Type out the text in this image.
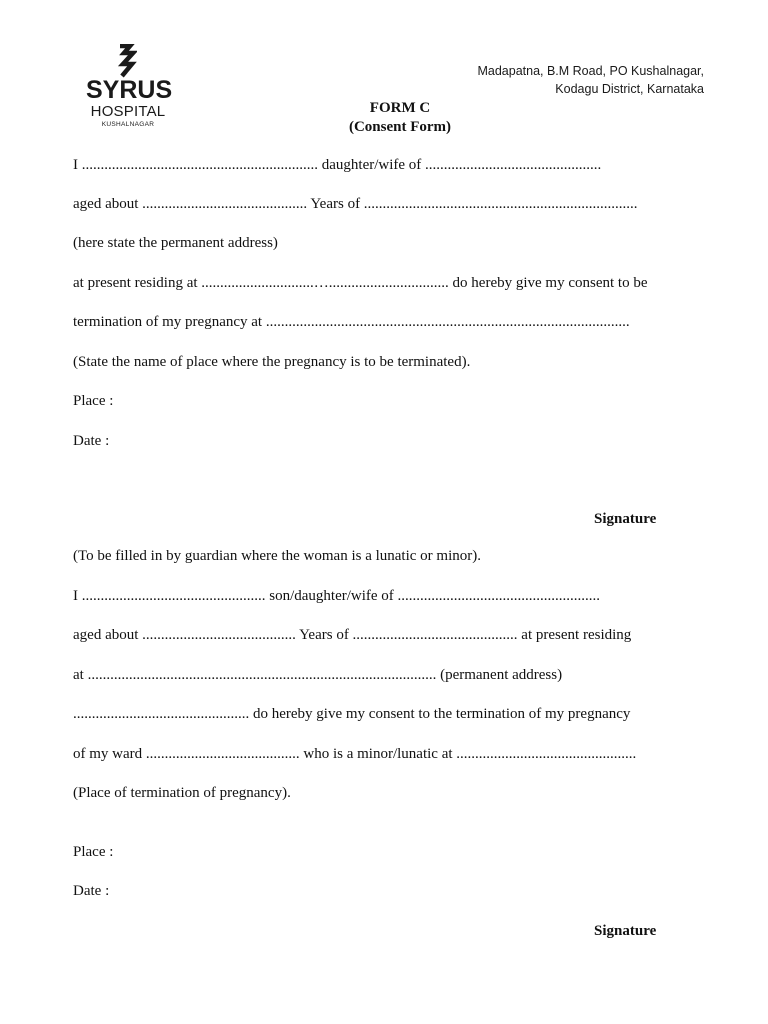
SYRUS
HOSPITAL
KUSHALNAGAR
Madapatna, B.M Road, PO Kushalnagar,
Kodagu District, Karnataka
FORM C
(Consent Form)
I ............................................................... daughter/wife of ...............................................
aged about ............................................ Years of .........................................................................
(here state the permanent address)
at present residing at ..............................…................................ do hereby give my consent to be
termination of my pregnancy at .................................................................................................
(State the name of place where the pregnancy is to be terminated).
Place :
Date :
Signature
(To be filled in by guardian where the woman is a lunatic or minor).
I ................................................. son/daughter/wife of ......................................................
aged about ......................................... Years of ............................................ at present residing
at ............................................................................................. (permanent address)
............................................... do hereby give my consent to the termination of my pregnancy
of my ward ......................................... who is a minor/lunatic at ................................................
(Place of termination of pregnancy).
Place :
Date :
Signature
